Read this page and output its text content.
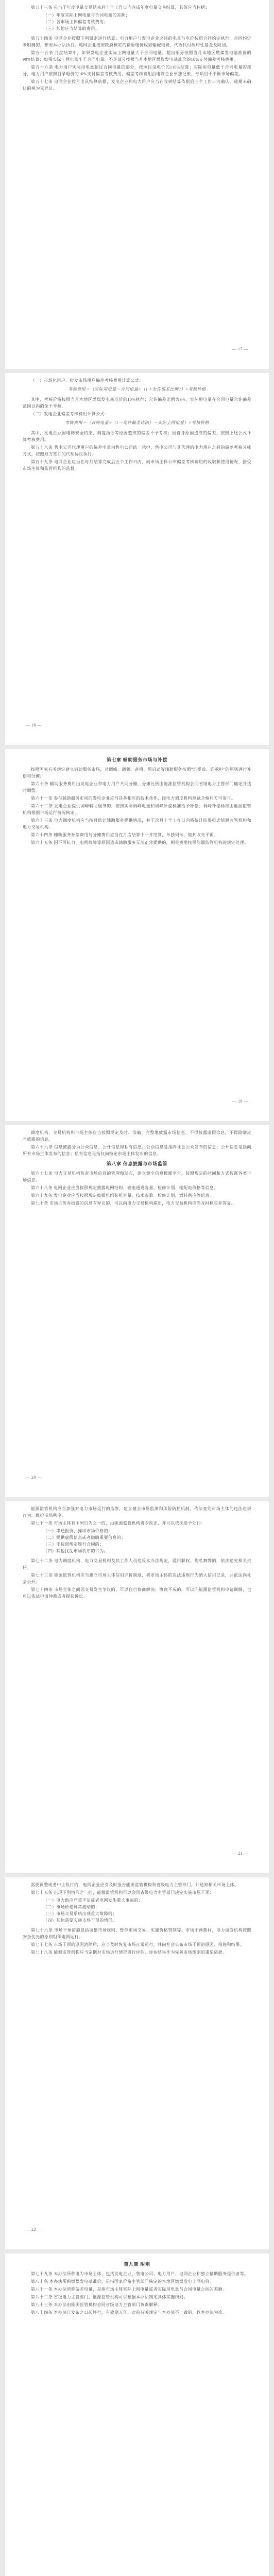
第五十三条 应当于年度电量交易结束后十个工作日内完成年度电量交易结算，具体应当包括：

（一）年度实际上网电量与合同电量的差额；

（二）各市场主体偏差考核费用；

（三）其他应当结算的费用。

第五十四条 电网企业按照下列原则进行结算：电力用户与发电企业之间的电量与电价按照合同约定执行，合同约定未明确的，参照本办法执行。电网企业按照政府核定的输配电价收取输配电费，代收代付政府性基金及附加。

第五十五条 月度结算中，如果发电企业实际上网电量大于合同电量，超出部分按照当月本地区燃煤发电基准价的90%结算；如果实际上网电量小于合同电量，不足部分按照当月本地区燃煤发电基准价的10%支付偏差考核费用。

第五十六条 电力用户实际用电量超过合同电量的部分，按照目录电价的110%结算；实际用电量低于合同电量的部分，电力用户按照目录电价的10%支付偏差考核费用。偏差考核费用由电网企业单独记账，专项用于平衡市场偏差。

第五十七条 电网企业按月出具结算依据，发电企业和电力用户应当在收到结算依据后三个工作日内确认，逾期未确认的视为无异议。

— 17 —

（一）市场化用户、批发市场用户偏差考核费用计算公式：

考核费用＝（实际用电量－合同电量×（1＋允许偏差比例））×考核价格

其中，考核价格按照当月本地区燃煤发电基准价的10%执行；允许偏差比例为3%，实际用电量在合同电量允许偏差范围以内的免于考核。

（二）发电企业偏差考核费用计算公式：

考核费用＝（合同电量×（1－允许偏差比例）－实际上网电量）×考核价格

其中，发电企业因电网安全约束、调度指令等原因造成的偏差不予考核；因自身原因造成的偏差，按照上述公式计算考核费用。

第五十八条 售电公司代理用户的偏差电量由售电公司统一承担，售电公司与其代理的电力用户之间的偏差考核分摊方式，按照双方签订的代理协议执行。

第五十九条 电网企业应当在每月结算完成后五个工作日内，向市场主体公布偏差考核费用的收取和使用情况，接受市场主体和监管机构的监督。

— 18 —
第七章 辅助服务市场与补偿

按照国家有关规定建立辅助服务市场，对调峰、调频、备用、黑启动等辅助服务按照“谁受益、谁承担”的原则进行补偿和分摊。

第六十条 辅助服务费用由发电企业和电力用户共同分摊，分摊比例由能源监管机构会同省级电力主管部门确定并适时调整。

第六十一条 参与辅助服务市场的发电企业应当具备相应的技术条件，经电力调度机构测试合格后方可参与。

第六十二条 发电企业提供调峰辅助服务的，按照实际调峰电量和调峰补偿标准给予补偿；调峰补偿标准由能源监管机构根据市场运行情况核定。

第六十三条 电力调度机构应当按月统计辅助服务提供情况，并于次月十个工作日内将统计结果报送能源监管机构和电力交易机构。

第六十四条 辅助服务补偿费用与分摊费用应当在月度结算中一并结算，单独列示，做到收支平衡。

第六十五条 因不可抗力、电网故障等原因造成辅助服务无法正常提供的，相关费用按照能源监管机构的规定处理。

— 19 —

调度机构、交易机构和市场主体应当按照规定及时、准确、完整地披露市场信息，不得披露虚假信息，不得隐瞒应当披露的信息。

第六十六条 信息披露分为公众信息、公开信息和私有信息。公众信息是指向社会公众发布的信息；公开信息是指向所有市场主体发布的信息；私有信息是指仅向特定市场主体发布的信息。

第八章 信息披露与市场监管

第六十七条 电力交易机构负责市场信息的管理和发布，建立健全信息披露平台，按照规定的时间和方式披露各类市场信息。

第六十八条 电网企业应当按照规定披露电网结构、输电通道容量、检修计划、输配电价格等信息。

第六十九条 发电企业应当按照规定披露机组装机容量、技术参数、检修计划、燃料供应等信息。

第七十条 市场主体对披露的信息有异议的，可以向电力交易机构提出，电力交易机构应当及时核实并答复。

— 20 —

能源监管机构应当加强对电力市场运行的监管，建立健全市场监测和风险防控机制，依法查处市场主体的违法违规行为，维护市场秩序。

第七十一条 市场主体有下列行为之一的，由能源监管机构责令改正，并可以依法给予处罚：

（一）串通报价、操纵市场价格的；

（二）提供虚假信息或者隐瞒重要信息的；

（三）不按照规定履行合同的；

（四）其他扰乱市场秩序的行为。

第七十二条 电力调度机构、电力交易机构及其工作人员违反本办法规定，滥用职权、徇私舞弊的，依法追究相关责任。

第七十三条 能源监管机构应当建立市场主体信用评价制度，将市场主体的违法违规行为纳入信用记录，并依法向社会公开。

第七十四条 市场主体之间因交易发生争议的，可以自行协商解决；协商不成的，可以向能源监管机构申请调解，也可以依法申请仲裁或者提起诉讼。

— 21 —

需要调整或者中止执行的，电网企业应当及时报告能源监管机构和省级电力主管部门，并通知相关市场主体。

第七十五条 出现下列情形之一的，能源监管机构可以会同省级电力主管部门决定实施市场干预：

（一）电力供应严重不足或者电网发生重大事故的；

（二）市场价格异常波动的；

（三）市场交易系统出现重大故障的；

（四）其他需要实施市场干预的情形。

第七十六条 市场干预措施包括调整市场规则、暂停市场交易、实施价格管制等。市场干预期间，电力调度机构按照安全优先的原则组织电网运行。

第七十七条 市场干预的原因消除后，应当及时恢复市场正常运行，并向社会公布市场干预的原因、措施和结果。

第七十八条 能源监管机构应当定期对市场运行情况进行评估，评估结果作为完善市场规则的重要依据。

— 22 —
第九章 附则

第七十九条 本办法所称电力市场主体，包括发电企业、售电公司、电力用户、电网企业和独立辅助服务提供者等。

第八十条 本办法所称燃煤发电基准价，是指国家价格主管部门核定的本地区燃煤发电上网电价。

第八十一条 本办法所称偏差电量，是指市场主体实际上网电量或者实际用电量与合同电量之间的差额。

第八十二条 省级电力主管部门、能源监管机构可以根据本办法制定具体实施细则。

第八十三条 本办法由能源监管机构会同省级电力主管部门负责解释。

第八十四条 本办法自发布之日起施行，有效期五年。此前有关规定与本办法不一致的，以本办法为准。
